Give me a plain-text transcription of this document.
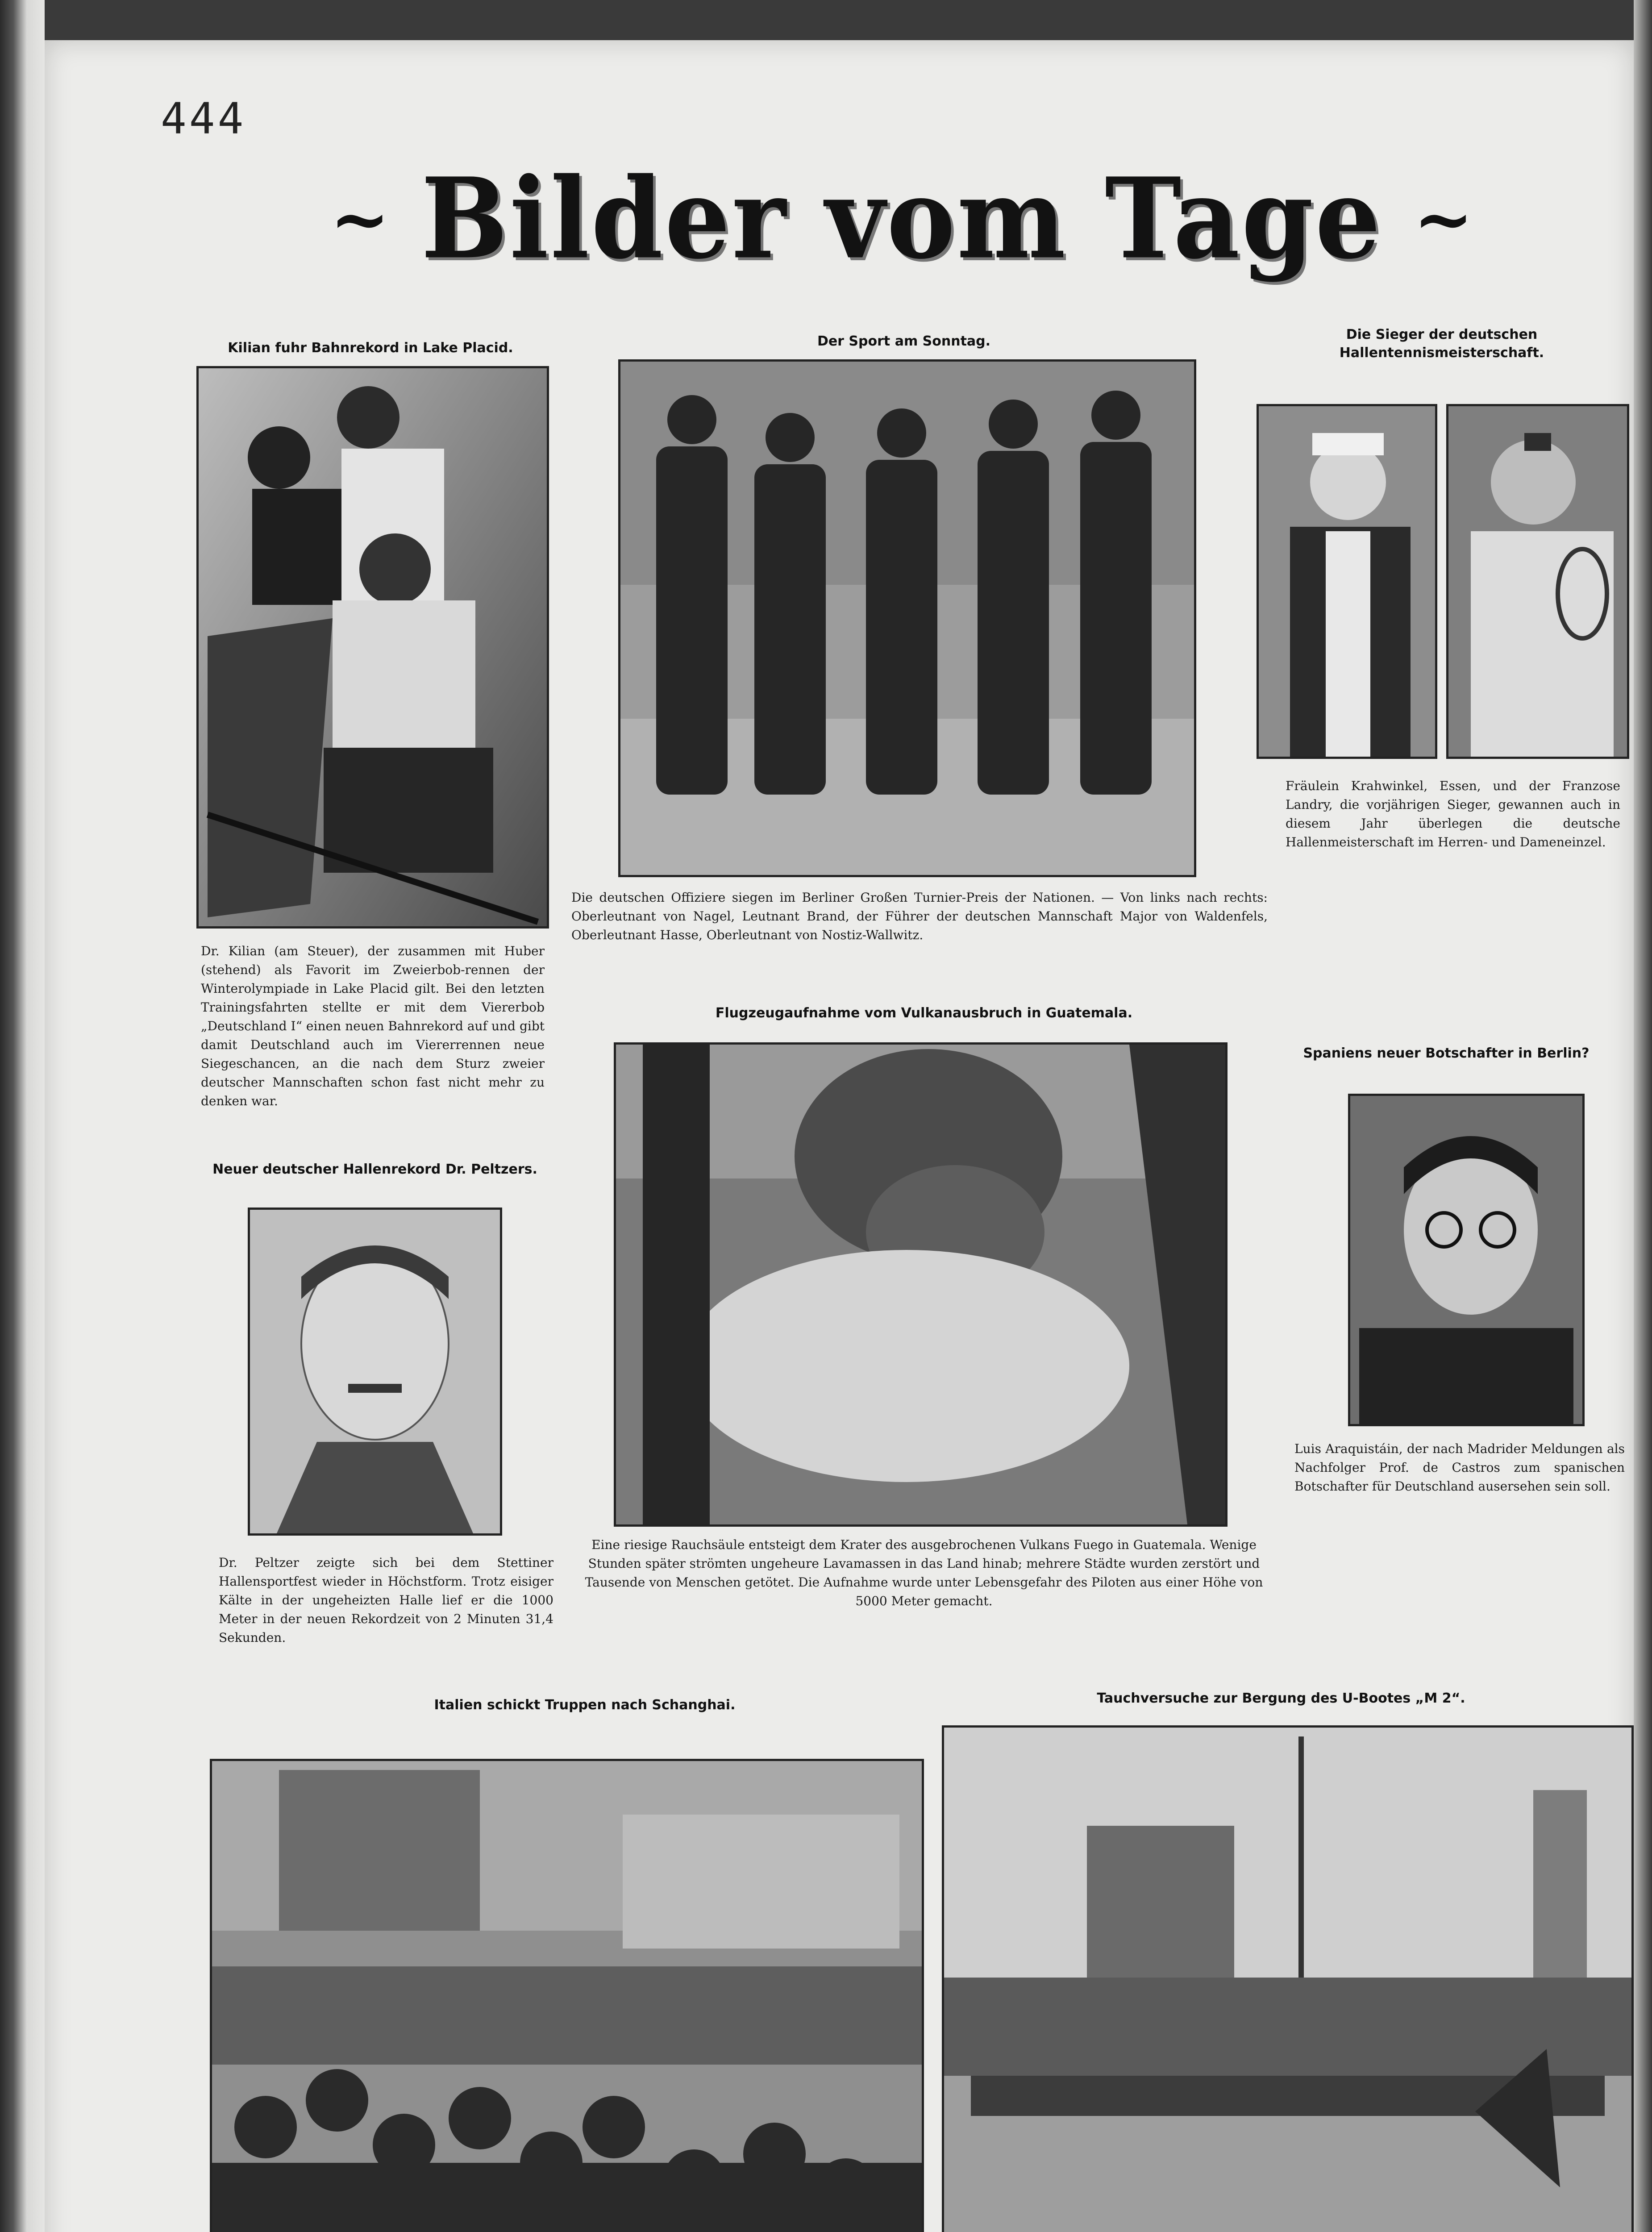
444
~ Bilder vom Tage ~
Kilian fuhr Bahnrekord in Lake Placid.
Dr. Kilian (am Steuer), der zusammen mit Huber (stehend) als Favorit im Zweierbob-rennen der Winterolympiade in Lake Placid gilt. Bei den letzten Trainingsfahrten stellte er mit dem Viererbob „Deutschland I“ einen neuen Bahnrekord auf und gibt damit Deutschland auch im Viererrennen neue Siegeschancen, an die nach dem Sturz zweier deutscher Mannschaften schon fast nicht mehr zu denken war.
Der Sport am Sonntag.
Die deutschen Offiziere siegen im Berliner Großen Turnier-Preis der Nationen. — Von links nach rechts: Oberleutnant von Nagel, Leutnant Brand, der Führer der deutschen Mannschaft Major von Waldenfels, Oberleutnant Hasse, Oberleutnant von Nostiz-Wallwitz.
Die Sieger der deutschen Hallentennismeisterschaft.
Fräulein Krahwinkel, Essen, und der Franzose Landry, die vorjährigen Sieger, gewannen auch in diesem Jahr überlegen die deutsche Hallenmeisterschaft im Herren- und Dameneinzel.
Flugzeugaufnahme vom Vulkanausbruch in Guatemala.
Eine riesige Rauchsäule entsteigt dem Krater des ausgebrochenen Vulkans Fuego in Guatemala. Wenige Stunden später strömten ungeheure Lavamassen in das Land hinab; mehrere Städte wurden zerstört und Tausende von Menschen getötet. Die Aufnahme wurde unter Lebensgefahr des Piloten aus einer Höhe von 5000 Meter gemacht.
Spaniens neuer Botschafter in Berlin?
Luis Araquistáin, der nach Madrider Meldungen als Nachfolger Prof. de Castros zum spanischen Botschafter für Deutschland ausersehen sein soll.
Neuer deutscher Hallenrekord Dr. Peltzers.
Dr. Peltzer zeigte sich bei dem Stettiner Hallensportfest wieder in Höchstform. Trotz eisiger Kälte in der ungeheizten Halle lief er die 1000 Meter in der neuen Rekordzeit von 2 Minuten 31,4 Sekunden.
Italien schickt Truppen nach Schanghai.	Tauchversuche zur Bergung des U-Bootes „M 2“.
